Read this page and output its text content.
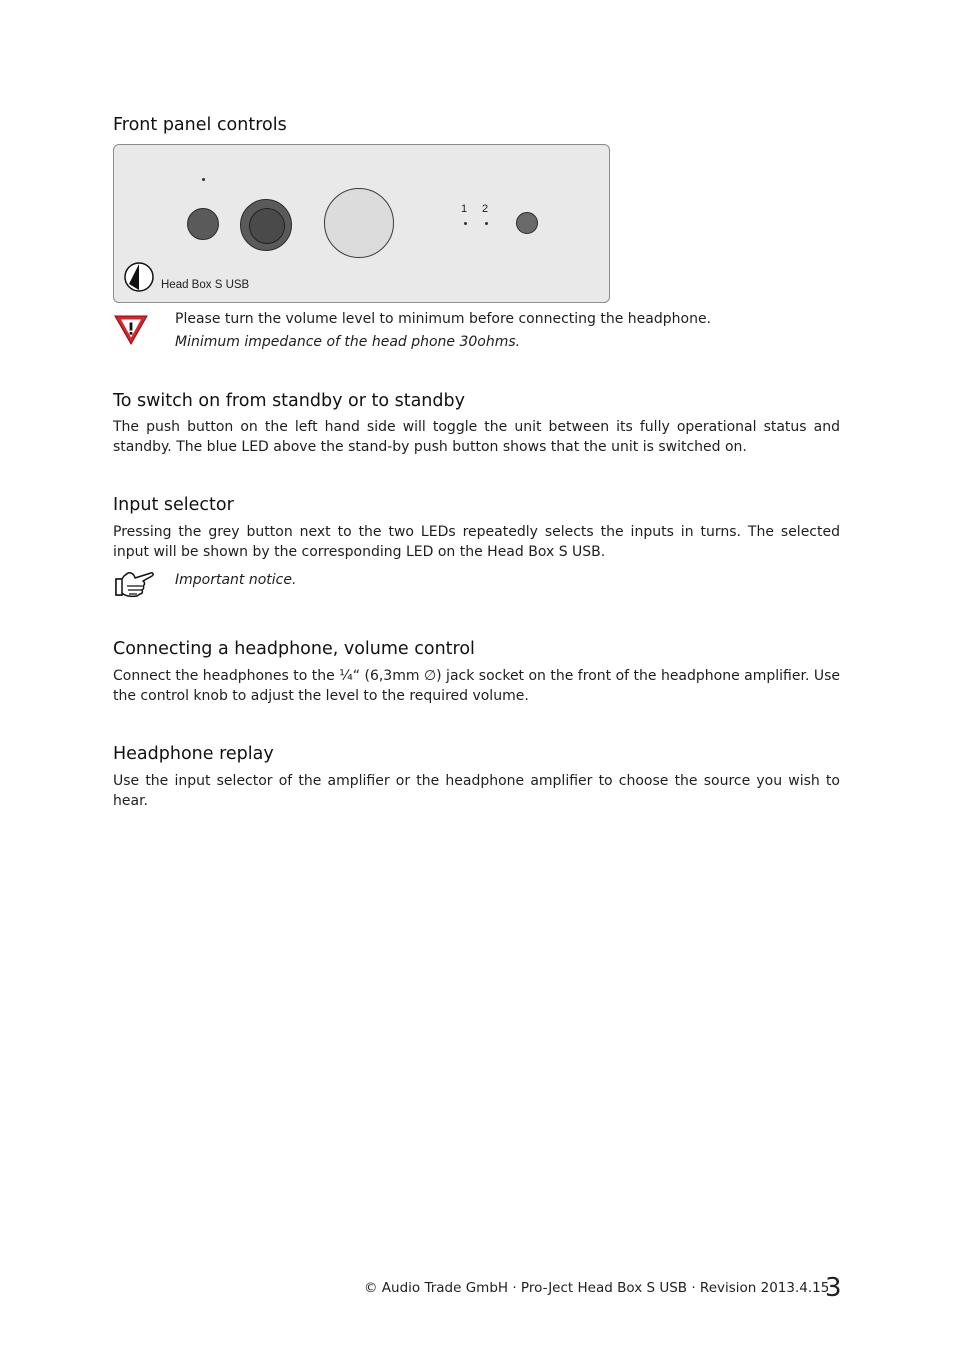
Front panel controls
1 2
Head Box S USB

Please turn the volume level to minimum before connecting the headphone.

Minimum impedance of the head phone 30ohms.

To switch on from standby or to standby

The push button on the left hand side will toggle the unit between its fully operational status and standby. The blue LED above the stand-by push button shows that the unit is switched on.

Input selector

Pressing the grey button next to the two LEDs repeatedly selects the inputs in turns. The selected input will be shown by the corresponding LED on the Head Box S USB.

Important notice.

Connecting a headphone, volume control

Connect the headphones to the ¼“ (6,3mm ∅) jack socket on the front of the headphone amplifier. Use the control knob to adjust the level to the required volume.

Headphone replay

Use the input selector of the amplifier or the headphone amplifier to choose the source you wish to hear.

© Audio Trade GmbH · Pro-Ject Head Box S USB · Revision 2013.4.15
3
